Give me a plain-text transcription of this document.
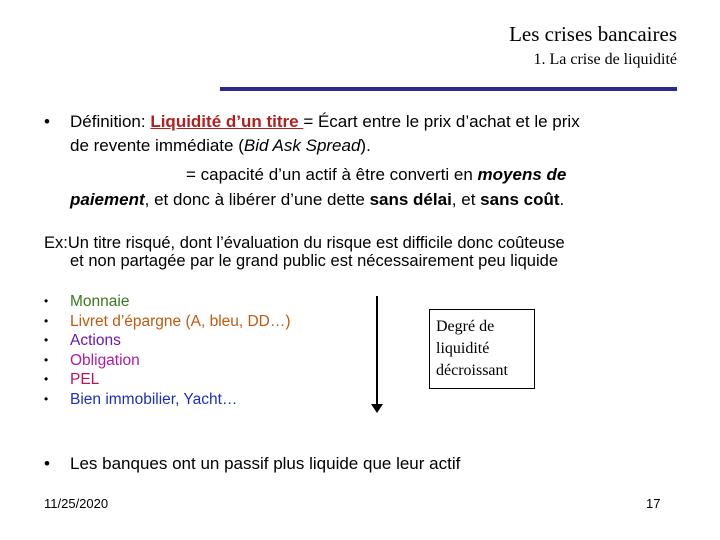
Les crises bancaires
1. La crise de liquidité
• Définition: Liquidité d’un titre = Écart entre le prix d’achat et le prix
de revente immédiate (Bid Ask Spread).
= capacité d’un actif à être converti en moyens de
paiement, et donc à libérer d’une dette sans délai, et sans coût.
Ex:Un titre risqué, dont l’évaluation du risque est difficile donc coûteuse
et non partagée par le grand public est nécessairement peu liquide
• Monnaie
• Livret d’épargne (A, bleu, DD…)
• Actions
• Obligation
• PEL
• Bien immobilier, Yacht…
Degré de
liquidité
décroissant
• Les banques ont un passif plus liquide que leur actif
11/25/2020	17
